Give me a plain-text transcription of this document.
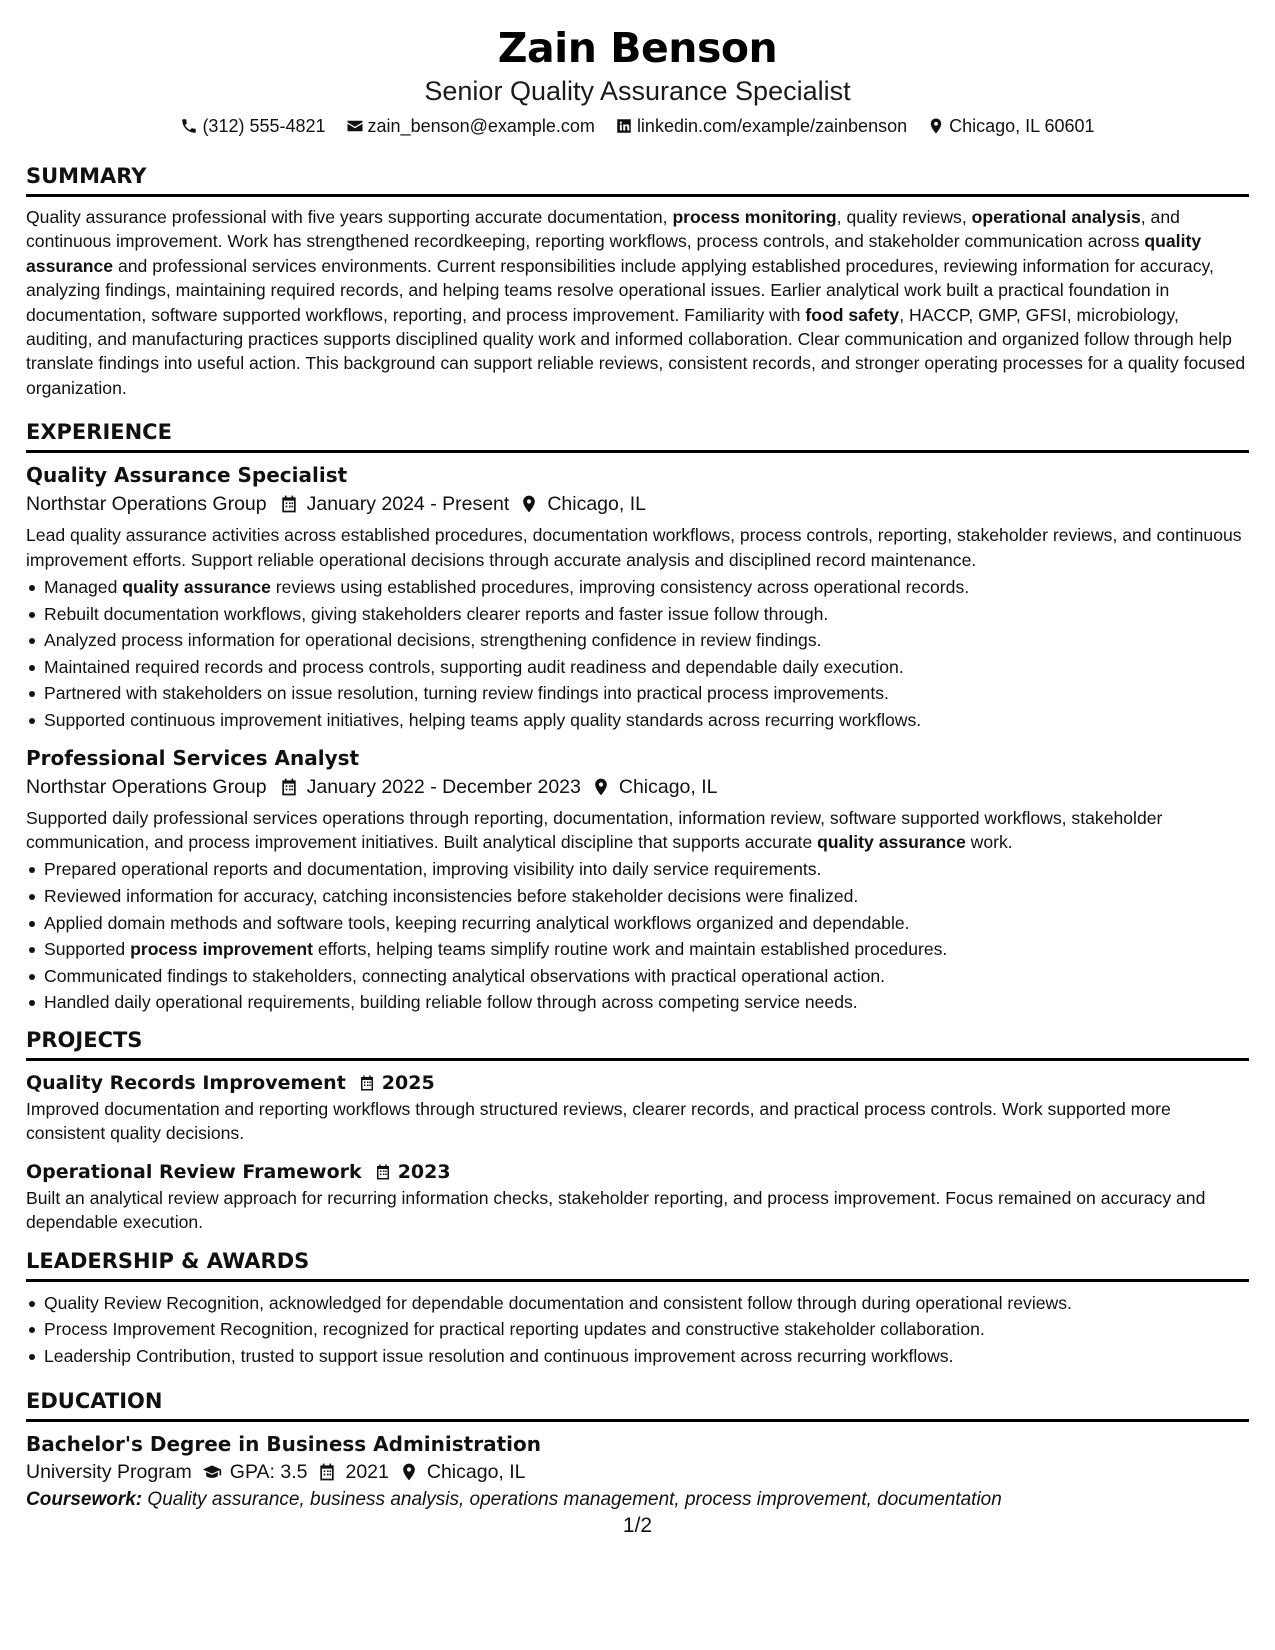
Zain Benson
Senior Quality Assurance Specialist
(312) 555-4821 zain_benson@example.com linkedin.com/example/zainbenson Chicago, IL 60601
SUMMARY

Quality assurance professional with five years supporting accurate documentation, process monitoring, quality reviews, operational analysis, and continuous improvement. Work has strengthened recordkeeping, reporting workflows, process controls, and stakeholder communication across quality assurance and professional services environments. Current responsibilities include applying established procedures, reviewing information for accuracy, analyzing findings, maintaining required records, and helping teams resolve operational issues. Earlier analytical work built a practical foundation in documentation, software supported workflows, reporting, and process improvement. Familiarity with food safety, HACCP, GMP, GFSI, microbiology, auditing, and manufacturing practices supports disciplined quality work and informed collaboration. Clear communication and organized follow through help translate findings into useful action. This background can support reliable reviews, consistent records, and stronger operating processes for a quality focused organization.

EXPERIENCE
Quality Assurance Specialist
Northstar Operations Group January 2024 - Present Chicago, IL

Lead quality assurance activities across established procedures, documentation workflows, process controls, reporting, stakeholder reviews, and continuous improvement efforts. Support reliable operational decisions through accurate analysis and disciplined record maintenance.

Managed quality assurance reviews using established procedures, improving consistency across operational records.
Rebuilt documentation workflows, giving stakeholders clearer reports and faster issue follow through.
Analyzed process information for operational decisions, strengthening confidence in review findings.
Maintained required records and process controls, supporting audit readiness and dependable daily execution.
Partnered with stakeholders on issue resolution, turning review findings into practical process improvements.
Supported continuous improvement initiatives, helping teams apply quality standards across recurring workflows.
Professional Services Analyst
Northstar Operations Group January 2022 - December 2023 Chicago, IL

Supported daily professional services operations through reporting, documentation, information review, software supported workflows, stakeholder communication, and process improvement initiatives. Built analytical discipline that supports accurate quality assurance work.

Prepared operational reports and documentation, improving visibility into daily service requirements.
Reviewed information for accuracy, catching inconsistencies before stakeholder decisions were finalized.
Applied domain methods and software tools, keeping recurring analytical workflows organized and dependable.
Supported process improvement efforts, helping teams simplify routine work and maintain established procedures.
Communicated findings to stakeholders, connecting analytical observations with practical operational action.
Handled daily operational requirements, building reliable follow through across competing service needs.
PROJECTS
Quality Records Improvement 2025

Improved documentation and reporting workflows through structured reviews, clearer records, and practical process controls. Work supported more consistent quality decisions.

Operational Review Framework 2023

Built an analytical review approach for recurring information checks, stakeholder reporting, and process improvement. Focus remained on accuracy and dependable execution.

LEADERSHIP & AWARDS
Quality Review Recognition, acknowledged for dependable documentation and consistent follow through during operational reviews.
Process Improvement Recognition, recognized for practical reporting updates and constructive stakeholder collaboration.
Leadership Contribution, trusted to support issue resolution and continuous improvement across recurring workflows.
EDUCATION
Bachelor's Degree in Business Administration
University Program GPA: 3.5 2021 Chicago, IL

Coursework: Quality assurance, business analysis, operations management, process improvement, documentation

1/2
